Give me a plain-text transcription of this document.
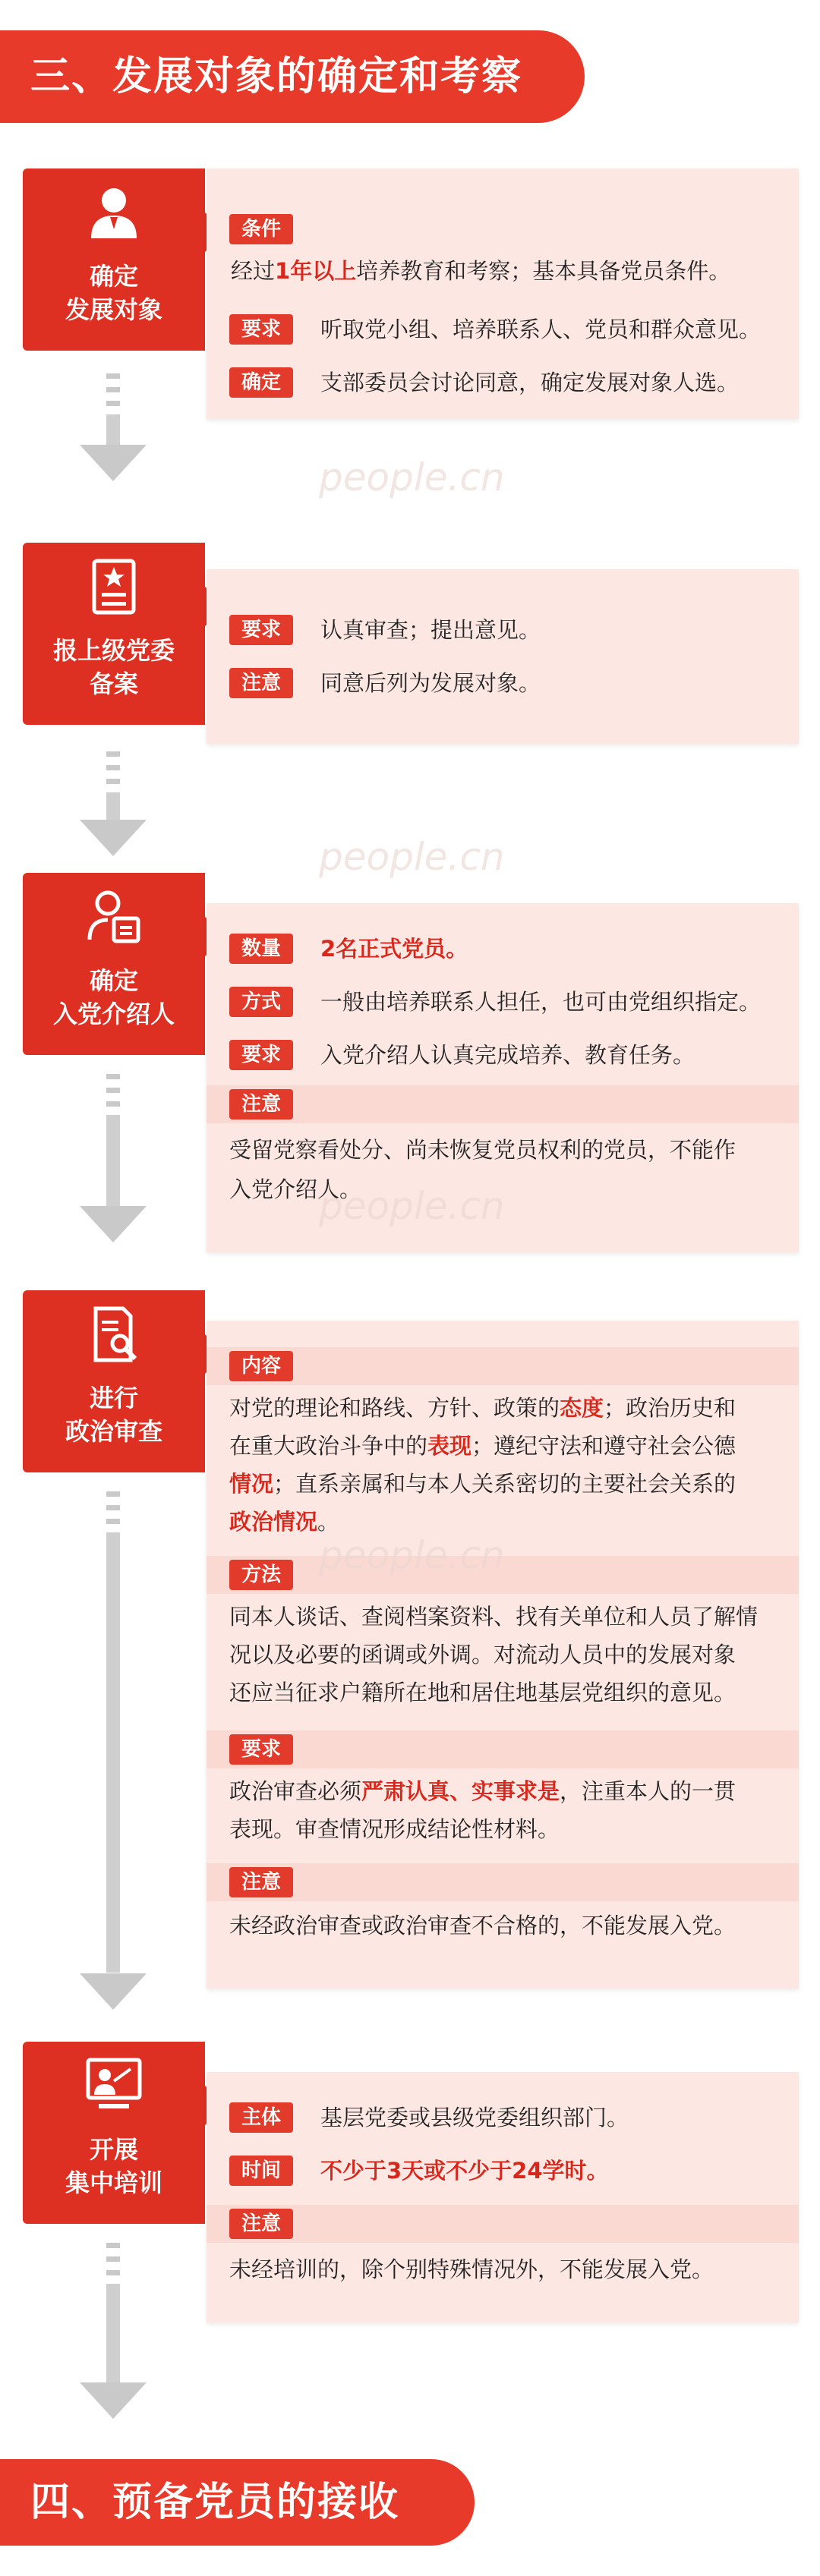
三、发展对象的确定和考察
确定
发展对象
条件
经过1年以上培养教育和考察；基本具备党员条件。
要求	听取党小组、培养联系人、党员和群众意见。
确定	支部委员会讨论同意，确定发展对象人选。
people.cn
报上级党委
备案
要求	认真审查；提出意见。
注意	同意后列为发展对象。
people.cn
确定
入党介绍人
数量	2名正式党员。
方式	一般由培养联系人担任，也可由党组织指定。
要求	入党介绍人认真完成培养、教育任务。
注意
受留党察看处分、尚未恢复党员权利的党员，不能作
入党介绍人。
people.cn
进行
政治审查
内容
对党的理论和路线、方针、政策的态度；政治历史和
在重大政治斗争中的表现；遵纪守法和遵守社会公德
情况；直系亲属和与本人关系密切的主要社会关系的
政治情况。
方法
同本人谈话、查阅档案资料、找有关单位和人员了解情
况以及必要的函调或外调。对流动人员中的发展对象
还应当征求户籍所在地和居住地基层党组织的意见。
要求
政治审查必须严肃认真、实事求是，注重本人的一贯
表现。审查情况形成结论性材料。
注意
未经政治审查或政治审查不合格的，不能发展入党。
people.cn
开展
集中培训
主体	基层党委或县级党委组织部门。
时间	不少于3天或不少于24学时。
注意
未经培训的，除个别特殊情况外，不能发展入党。
四、预备党员的接收
